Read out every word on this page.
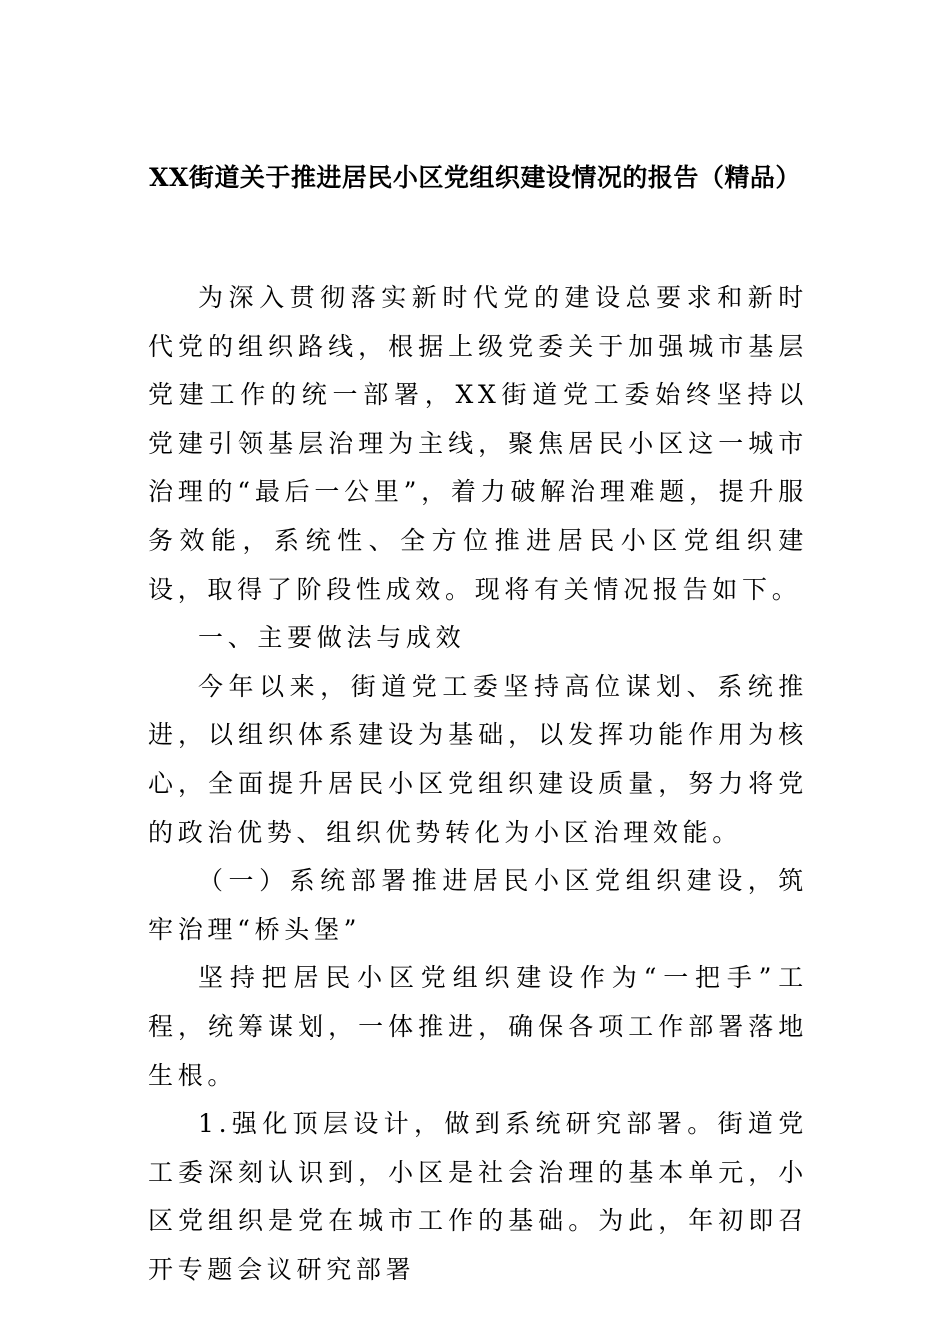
XX街道关于推进居民小区党组织建设情况的报告（精品）

为深入贯彻落实新时代党的建设总要求和新时代党的组织路线，根据上级党委关于加强城市基层党建工作的统一部署，XX街道党工委始终坚持以党建引领基层治理为主线，聚焦居民小区这一城市治理的“最后一公里”，着力破解治理难题，提升服务效能，系统性、全方位推进居民小区党组织建设，取得了阶段性成效。现将有关情况报告如下。

一、主要做法与成效

今年以来，街道党工委坚持高位谋划、系统推进，以组织体系建设为基础，以发挥功能作用为核心，全面提升居民小区党组织建设质量，努力将党的政治优势、组织优势转化为小区治理效能。

（一）系统部署推进居民小区党组织建设，筑牢治理“桥头堡”

坚持把居民小区党组织建设作为“一把手”工程，统筹谋划，一体推进，确保各项工作部署落地生根。

1.强化顶层设计，做到系统研究部署。街道党工委深刻认识到，小区是社会治理的基本单元，小区党组织是党在城市工作的基础。为此，年初即召开专题会议研究部署
